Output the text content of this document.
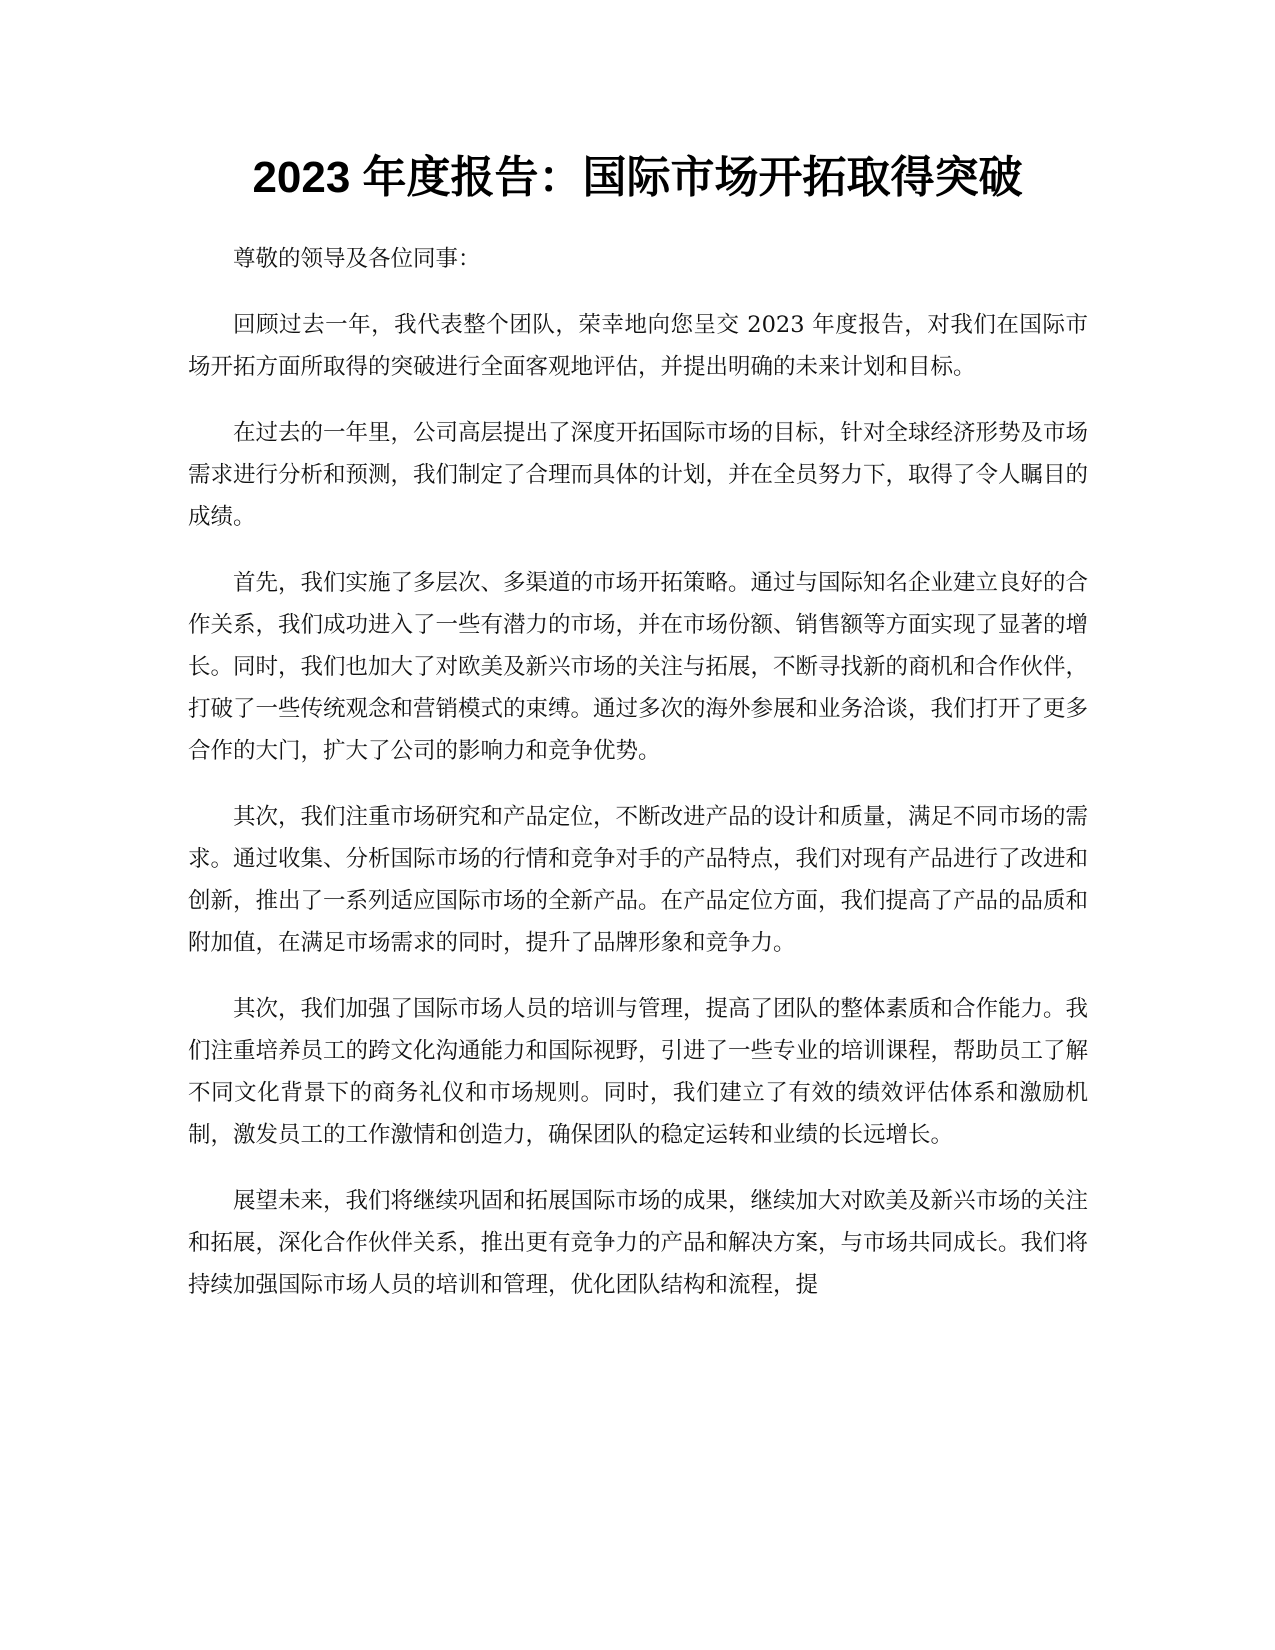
2023 年度报告：国际市场开拓取得突破

尊敬的领导及各位同事：

回顾过去一年，我代表整个团队，荣幸地向您呈交 2023 年度报告，对我们在国际市场开拓方面所取得的突破进行全面客观地评估，并提出明确的未来计划和目标。

在过去的一年里，公司高层提出了深度开拓国际市场的目标，针对全球经济形势及市场需求进行分析和预测，我们制定了合理而具体的计划，并在全员努力下，取得了令人瞩目的成绩。

首先，我们实施了多层次、多渠道的市场开拓策略。通过与国际知名企业建立良好的合作关系，我们成功进入了一些有潜力的市场，并在市场份额、销售额等方面实现了显著的增长。同时，我们也加大了对欧美及新兴市场的关注与拓展，不断寻找新的商机和合作伙伴，打破了一些传统观念和营销模式的束缚。通过多次的海外参展和业务洽谈，我们打开了更多合作的大门，扩大了公司的影响力和竞争优势。

其次，我们注重市场研究和产品定位，不断改进产品的设计和质量，满足不同市场的需求。通过收集、分析国际市场的行情和竞争对手的产品特点，我们对现有产品进行了改进和创新，推出了一系列适应国际市场的全新产品。在产品定位方面，我们提高了产品的品质和附加值，在满足市场需求的同时，提升了品牌形象和竞争力。

其次，我们加强了国际市场人员的培训与管理，提高了团队的整体素质和合作能力。我们注重培养员工的跨文化沟通能力和国际视野，引进了一些专业的培训课程，帮助员工了解不同文化背景下的商务礼仪和市场规则。同时，我们建立了有效的绩效评估体系和激励机制，激发员工的工作激情和创造力，确保团队的稳定运转和业绩的长远增长。

展望未来，我们将继续巩固和拓展国际市场的成果，继续加大对欧美及新兴市场的关注和拓展，深化合作伙伴关系，推出更有竞争力的产品和解决方案，与市场共同成长。我们将持续加强国际市场人员的培训和管理，优化团队结构和流程，提
